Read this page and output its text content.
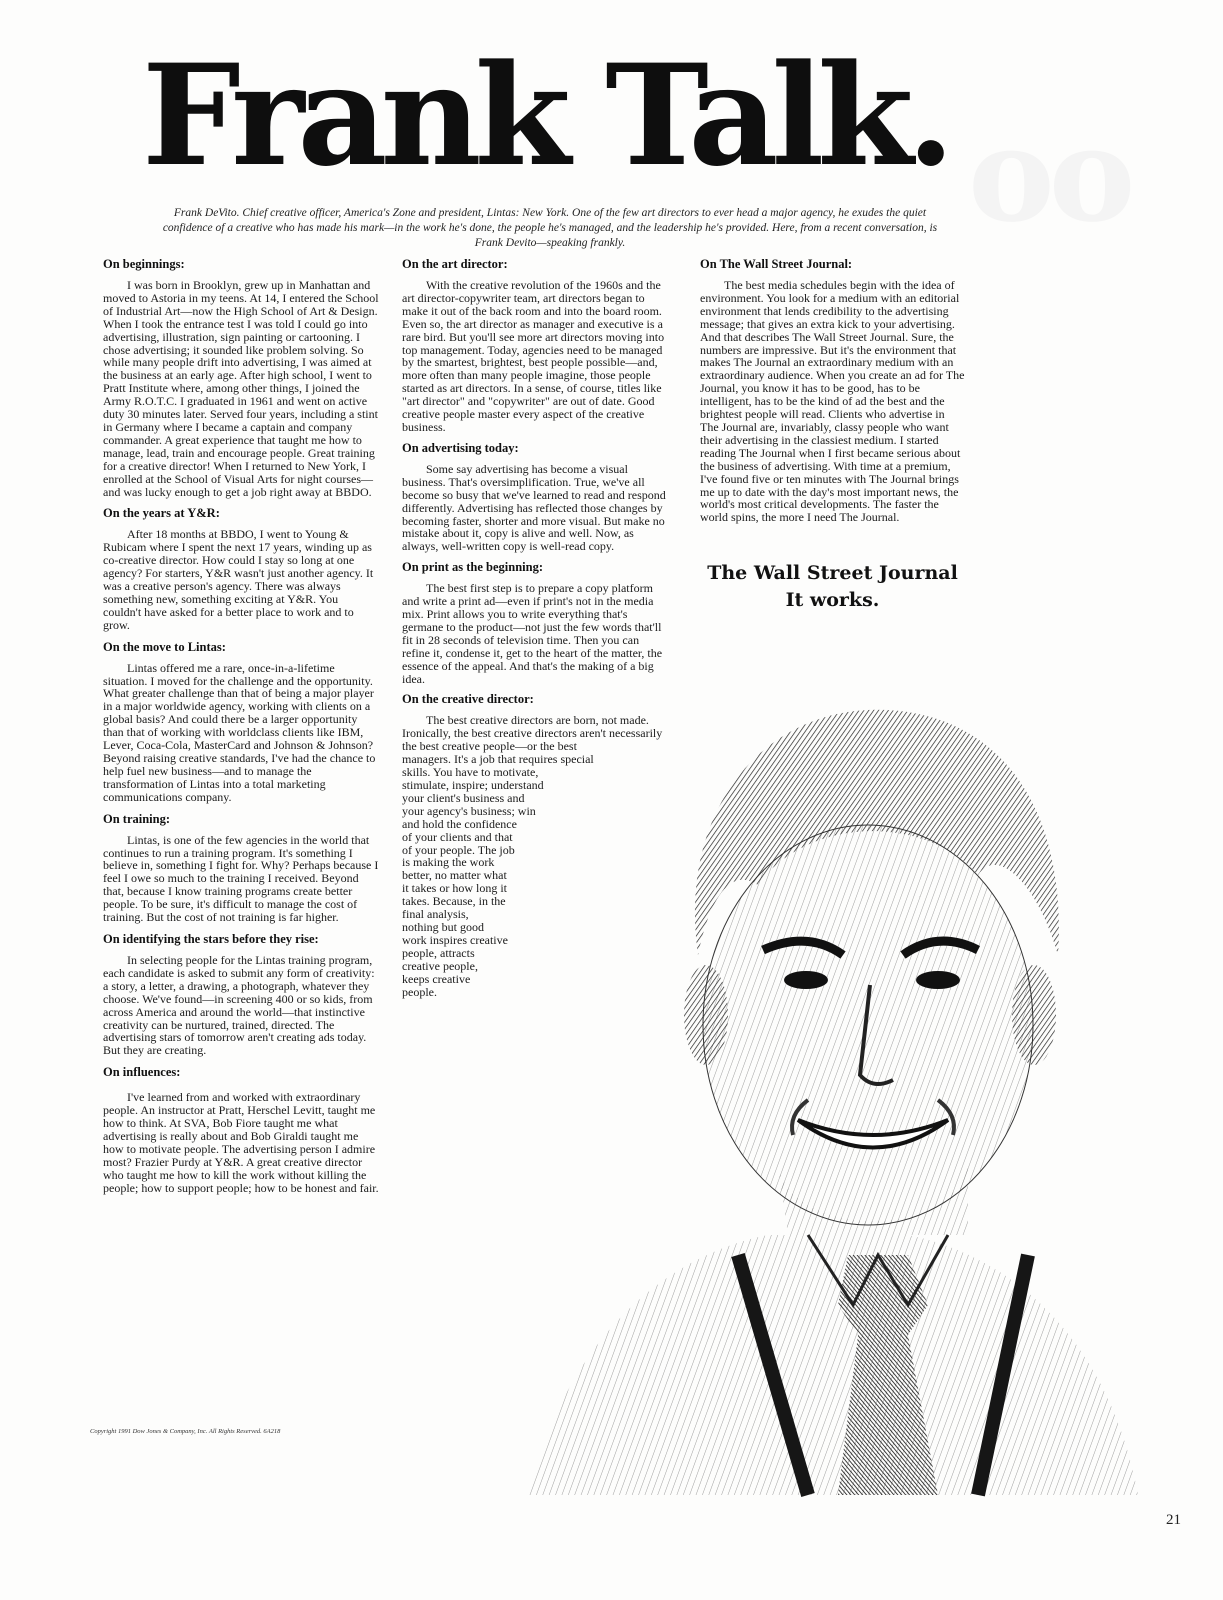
oo
Frank Talk.

Frank DeVito. Chief creative officer, America's Zone and president, Lintas: New York. One of the few art directors to ever head a major agency, he exudes the quiet confidence of a creative who has made his mark—in the work he's done, the people he's managed, and the leadership he's provided. Here, from a recent conversation, is Frank Devito—speaking frankly.

On beginnings:

I was born in Brooklyn, grew up in Manhattan and moved to Astoria in my teens. At 14, I entered the School of Industrial Art—now the High School of Art & Design. When I took the entrance test I was told I could go into advertising, illustration, sign painting or cartooning. I chose advertising; it sounded like problem solving. So while many people drift into advertising, I was aimed at the business at an early age. After high school, I went to Pratt Institute where, among other things, I joined the Army R.O.T.C. I graduated in 1961 and went on active duty 30 minutes later. Served four years, including a stint in Germany where I became a captain and company commander. A great experience that taught me how to manage, lead, train and encourage people. Great training for a creative director! When I returned to New York, I enrolled at the School of Visual Arts for night courses—and was lucky enough to get a job right away at BBDO.

On the years at Y&R:

After 18 months at BBDO, I went to Young & Rubicam where I spent the next 17 years, winding up as co-creative director. How could I stay so long at one agency? For starters, Y&R wasn't just another agency. It was a creative person's agency. There was always something new, something exciting at Y&R. You couldn't have asked for a better place to work and to grow.

On the move to Lintas:

Lintas offered me a rare, once-in-a-lifetime situation. I moved for the challenge and the opportunity. What greater challenge than that of being a major player in a major worldwide agency, working with clients on a global basis? And could there be a larger opportunity than that of working with worldclass clients like IBM, Lever, Coca-Cola, MasterCard and Johnson & Johnson? Beyond raising creative standards, I've had the chance to help fuel new business—and to manage the transformation of Lintas into a total marketing communications company.

On training:

Lintas, is one of the few agencies in the world that continues to run a training program. It's something I believe in, something I fight for. Why? Perhaps because I feel I owe so much to the training I received. Beyond that, because I know training programs create better people. To be sure, it's difficult to manage the cost of training. But the cost of not training is far higher.

On identifying the stars before they rise:

In selecting people for the Lintas training program, each candidate is asked to submit any form of creativity: a story, a letter, a drawing, a photograph, whatever they choose. We've found—in screening 400 or so kids, from across America and around the world—that instinctive creativity can be nurtured, trained, directed. The advertising stars of tomorrow aren't creating ads today. But they are creating.

On influences:

I've learned from and worked with extraordinary people. An instructor at Pratt, Herschel Levitt, taught me how to think. At SVA, Bob Fiore taught me what advertising is really about and Bob Giraldi taught me how to motivate people. The advertising person I admire most? Frazier Purdy at Y&R. A great creative director who taught me how to kill the work without killing the people; how to support people; how to be honest and fair.

On the art director:

With the creative revolution of the 1960s and the art director-copywriter team, art directors began to make it out of the back room and into the board room. Even so, the art director as manager and executive is a rare bird. But you'll see more art directors moving into top management. Today, agencies need to be managed by the smartest, brightest, best people possible—and, more often than many people imagine, those people started as art directors. In a sense, of course, titles like "art director" and "copywriter" are out of date. Good creative people master every aspect of the creative business.

On advertising today:

Some say advertising has become a visual business. That's oversimplification. True, we've all become so busy that we've learned to read and respond differently. Advertising has reflected those changes by becoming faster, shorter and more visual. But make no mistake about it, copy is alive and well. Now, as always, well-written copy is well-read copy.

On print as the beginning:

The best first step is to prepare a copy platform and write a print ad—even if print's not in the media mix. Print allows you to write everything that's germane to the product—not just the few words that'll fit in 28 seconds of television time. Then you can refine it, condense it, get to the heart of the matter, the essence of the appeal. And that's the making of a big idea.

On the creative director:

The best creative directors are born, not made. Ironically, the best creative directors aren't necessarily the best creative people—or the best managers. It's a job that requires special skills. You have to motivate, stimulate, inspire; understand your client's business and your agency's business; win and hold the confidence of your clients and that of your people. The job is making the work better, no matter what it takes or how long it takes. Because, in the final analysis, nothing but good work inspires creative people, attracts creative people, keeps creative people.

On The Wall Street Journal:

The best media schedules begin with the idea of environment. You look for a medium with an editorial environment that lends credibility to the advertising message; that gives an extra kick to your advertising. And that describes The Wall Street Journal. Sure, the numbers are impressive. But it's the environment that makes The Journal an extraordinary medium with an extraordinary audience. When you create an ad for The Journal, you know it has to be good, has to be intelligent, has to be the kind of ad the best and the brightest people will read. Clients who advertise in The Journal are, invariably, classy people who want their advertising in the classiest medium. I started reading The Journal when I first became serious about the business of advertising. With time at a premium, I've found five or ten minutes with The Journal brings me up to date with the day's most important news, the world's most critical developments. The faster the world spins, the more I need The Journal.

The Wall Street Journal
It works.

Copyright 1991 Dow Jones & Company, Inc. All Rights Reserved. 6A218

21
